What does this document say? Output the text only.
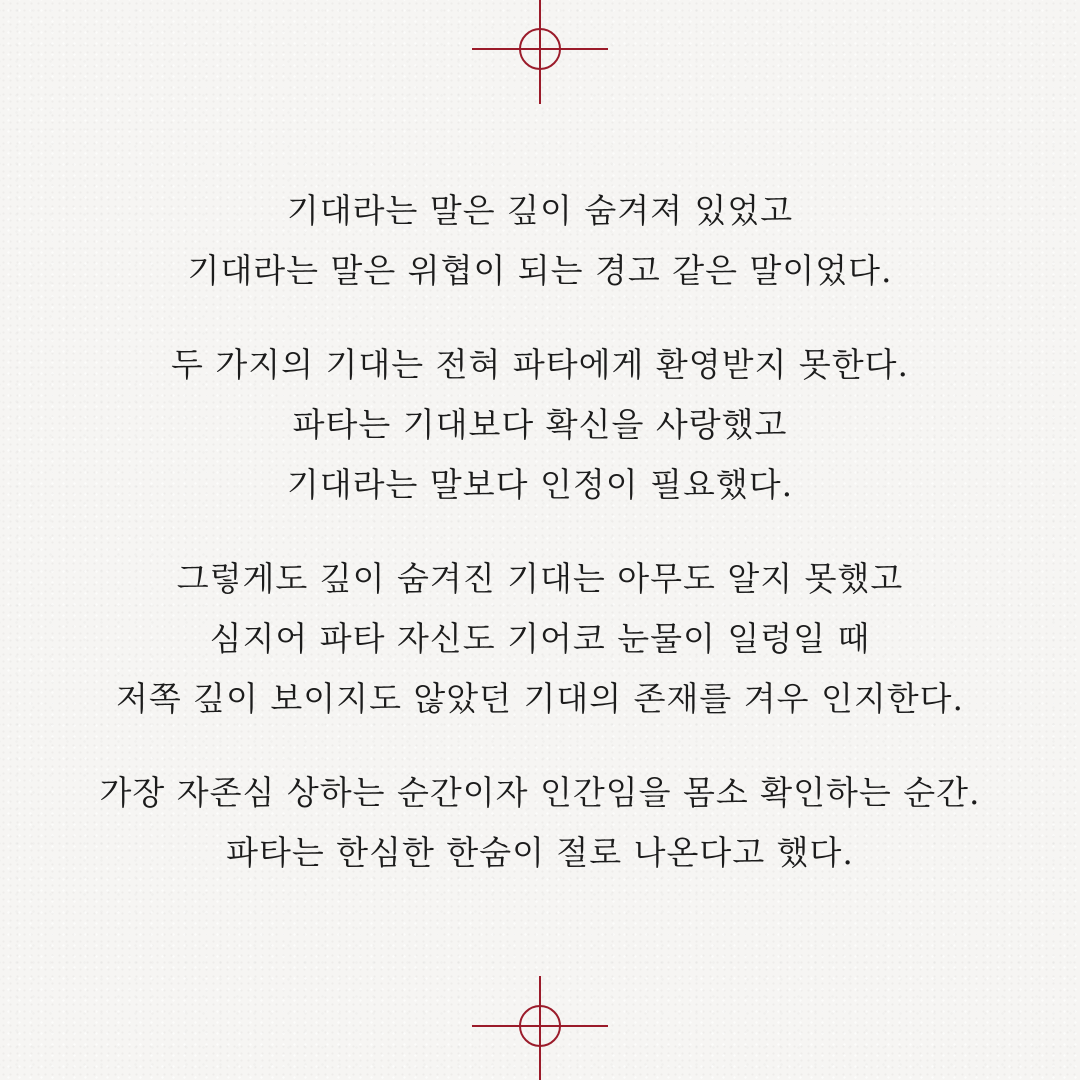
기대라는 말은 깊이 숨겨져 있었고
기대라는 말은 위협이 되는 경고 같은 말이었다.
두 가지의 기대는 전혀 파타에게 환영받지 못한다.
파타는 기대보다 확신을 사랑했고
기대라는 말보다 인정이 필요했다.
그렇게도 깊이 숨겨진 기대는 아무도 알지 못했고
심지어 파타 자신도 기어코 눈물이 일렁일 때
저쪽 깊이 보이지도 않았던 기대의 존재를 겨우 인지한다.
가장 자존심 상하는 순간이자 인간임을 몸소 확인하는 순간.
파타는 한심한 한숨이 절로 나온다고 했다.
